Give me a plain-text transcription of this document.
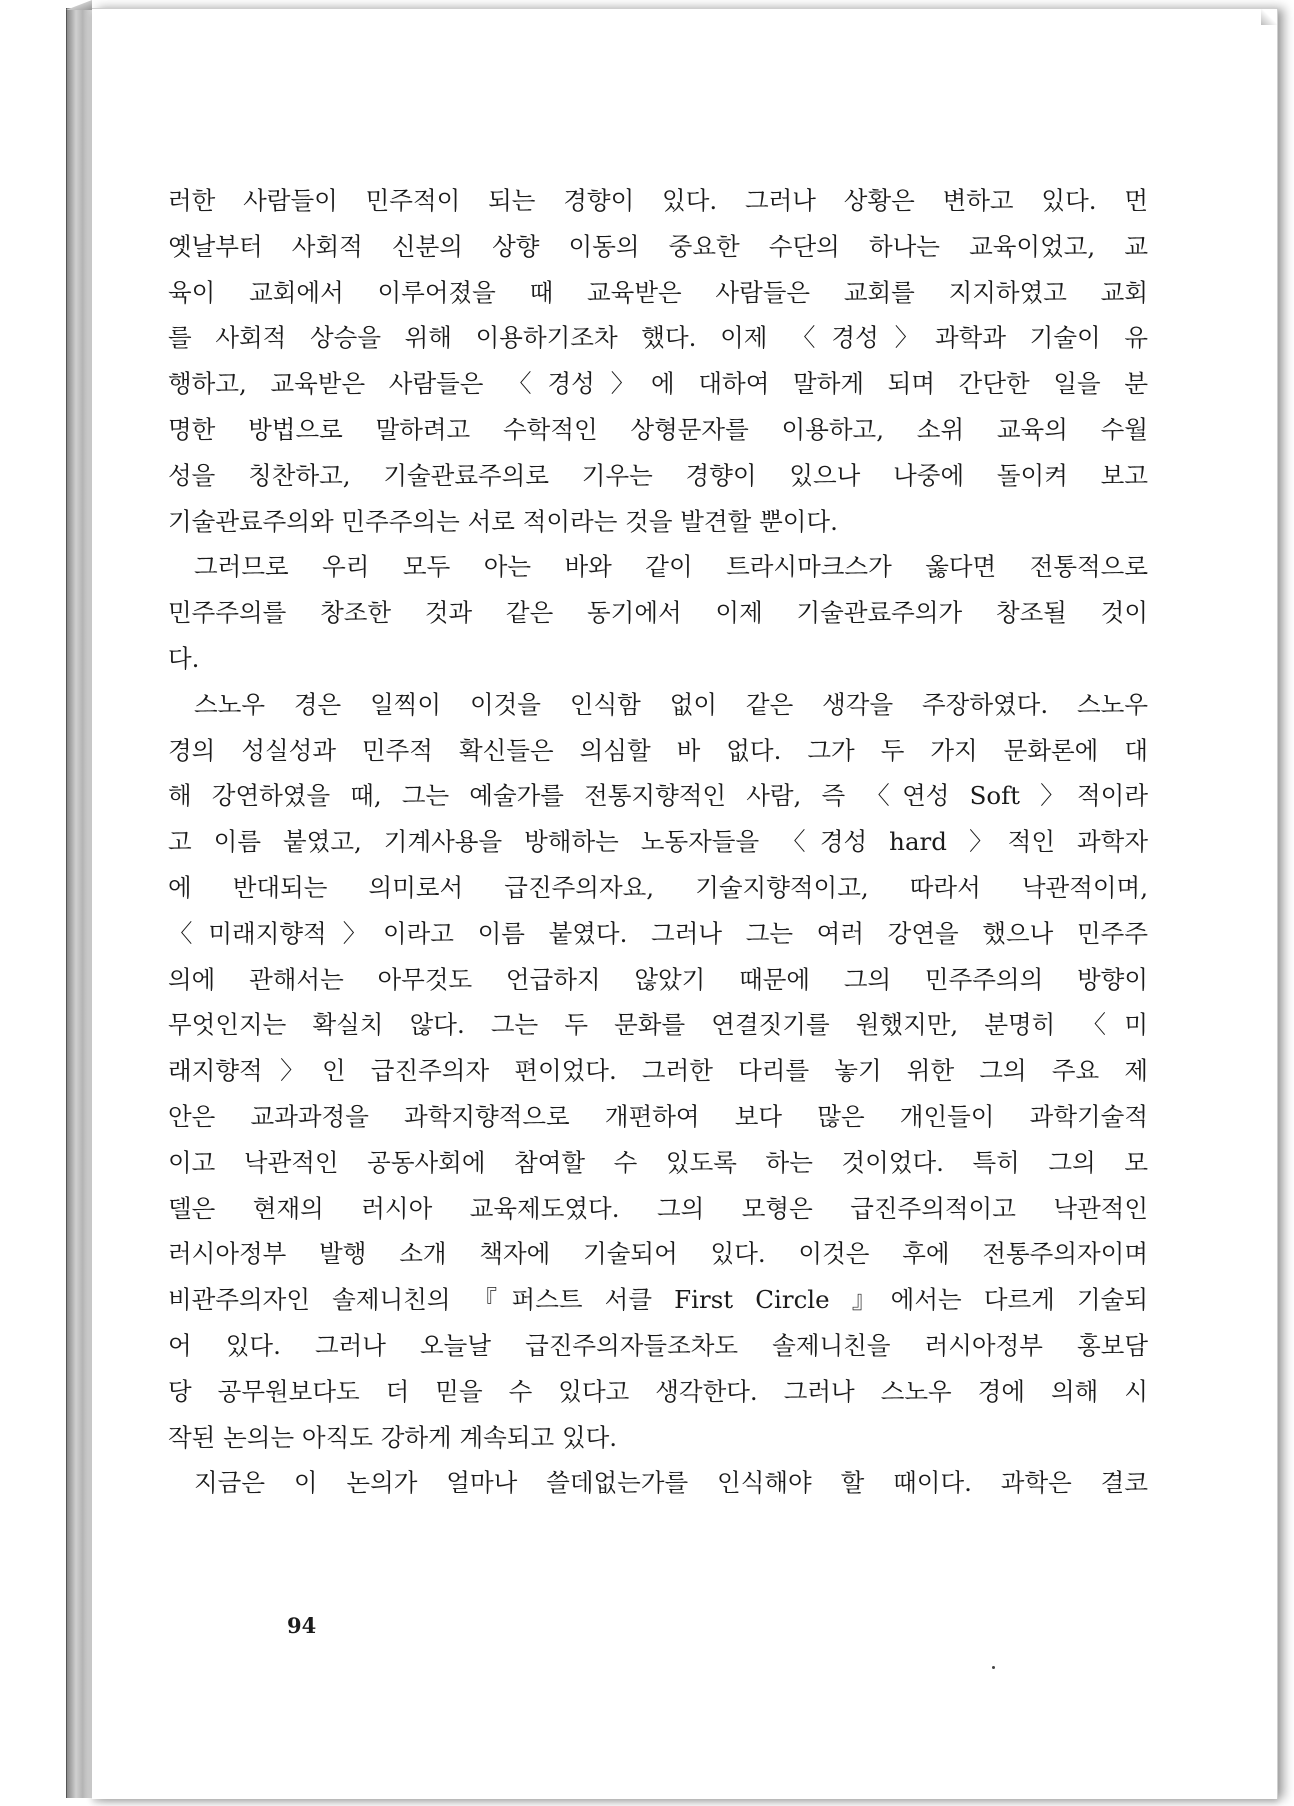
러한 사람들이 민주적이 되는 경향이 있다. 그러나 상황은 변하고 있다. 먼
옛날부터 사회적 신분의 상향 이동의 중요한 수단의 하나는 교육이었고, 교
육이 교회에서 이루어졌을 때 교육받은 사람들은 교회를 지지하였고 교회
를 사회적 상승을 위해 이용하기조차 했다. 이제 〈경성〉과학과 기술이 유
행하고, 교육받은 사람들은 〈경성〉에 대하여 말하게 되며 간단한 일을 분
명한 방법으로 말하려고 수학적인 상형문자를 이용하고, 소위 교육의 수월
성을 칭찬하고, 기술관료주의로 기우는 경향이 있으나 나중에 돌이켜 보고
기술관료주의와 민주주의는 서로 적이라는 것을 발견할 뿐이다.
그러므로 우리 모두 아는 바와 같이 트라시마크스가 옳다면 전통적으로
민주주의를 창조한 것과 같은 동기에서 이제 기술관료주의가 창조될 것이
다.
스노우 경은 일찍이 이것을 인식함 없이 같은 생각을 주장하였다. 스노우
경의 성실성과 민주적 확신들은 의심할 바 없다. 그가 두 가지 문화론에 대
해 강연하였을 때, 그는 예술가를 전통지향적인 사람, 즉 〈연성 Soft 〉적이라
고 이름 붙였고, 기계사용을 방해하는 노동자들을 〈경성 hard 〉적인 과학자
에 반대되는 의미로서 급진주의자요, 기술지향적이고, 따라서 낙관적이며,
〈미래지향적〉이라고 이름 붙였다. 그러나 그는 여러 강연을 했으나 민주주
의에 관해서는 아무것도 언급하지 않았기 때문에 그의 민주주의의 방향이
무엇인지는 확실치 않다. 그는 두 문화를 연결짓기를 원했지만, 분명히 〈미
래지향적〉인 급진주의자 편이었다. 그러한 다리를 놓기 위한 그의 주요 제
안은 교과과정을 과학지향적으로 개편하여 보다 많은 개인들이 과학기술적
이고 낙관적인 공동사회에 참여할 수 있도록 하는 것이었다. 특히 그의 모
델은 현재의 러시아 교육제도였다. 그의 모형은 급진주의적이고 낙관적인
러시아정부 발행 소개 책자에 기술되어 있다. 이것은 후에 전통주의자이며
비관주의자인 솔제니친의 『퍼스트 서클 First Circle 』에서는 다르게 기술되
어 있다. 그러나 오늘날 급진주의자들조차도 솔제니친을 러시아정부 홍보담
당 공무원보다도 더 믿을 수 있다고 생각한다. 그러나 스노우 경에 의해 시
작된 논의는 아직도 강하게 계속되고 있다.
지금은 이 논의가 얼마나 쓸데없는가를 인식해야 할 때이다. 과학은 결코
94
